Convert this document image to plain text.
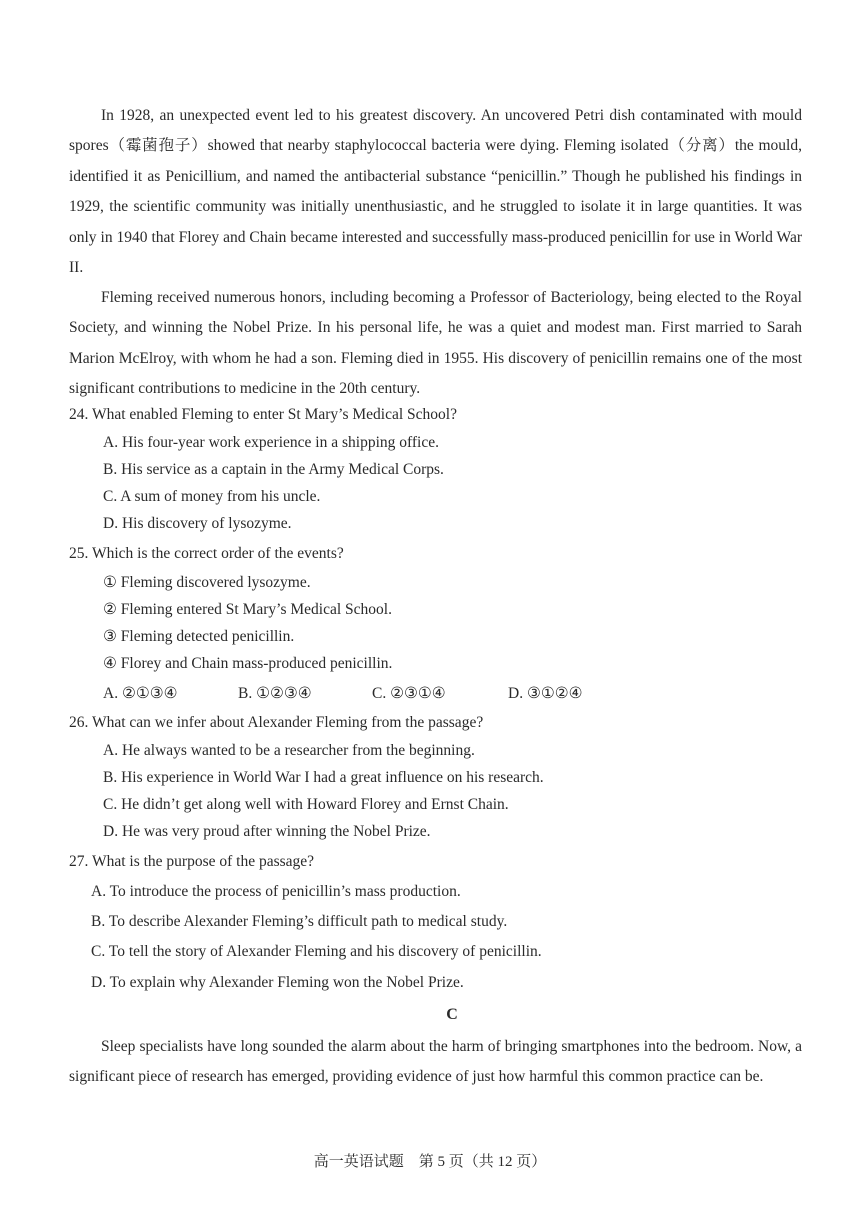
In 1928, an unexpected event led to his greatest discovery. An uncovered Petri dish contaminated with mould spores（霉菌孢子）showed that nearby staphylococcal bacteria were dying. Fleming isolated（分离）the mould, identified it as Penicillium, and named the antibacterial substance “penicillin.” Though he published his findings in 1929, the scientific community was initially unenthusiastic, and he struggled to isolate it in large quantities. It was only in 1940 that Florey and Chain became interested and successfully mass-produced penicillin for use in World War II.

Fleming received numerous honors, including becoming a Professor of Bacteriology, being elected to the Royal Society, and winning the Nobel Prize. In his personal life, he was a quiet and modest man. First married to Sarah Marion McElroy, with whom he had a son. Fleming died in 1955. His discovery of penicillin remains one of the most significant contributions to medicine in the 20th century.

24. What enabled Fleming to enter St Mary’s Medical School?

A. His four-year work experience in a shipping office.

B. His service as a captain in the Army Medical Corps.

C. A sum of money from his uncle.

D. His discovery of lysozyme.

25. Which is the correct order of the events?

① Fleming discovered lysozyme.

② Fleming entered St Mary’s Medical School.

③ Fleming detected penicillin.

④ Florey and Chain mass-produced penicillin.

A. ②①③④	B. ①②③④	C. ②③①④	D. ③①②④

26. What can we infer about Alexander Fleming from the passage?

A. He always wanted to be a researcher from the beginning.

B. His experience in World War I had a great influence on his research.

C. He didn’t get along well with Howard Florey and Ernst Chain.

D. He was very proud after winning the Nobel Prize.

27. What is the purpose of the passage?

A. To introduce the process of penicillin’s mass production.

B. To describe Alexander Fleming’s difficult path to medical study.

C. To tell the story of Alexander Fleming and his discovery of penicillin.

D. To explain why Alexander Fleming won the Nobel Prize.

C

Sleep specialists have long sounded the alarm about the harm of bringing smartphones into the bedroom. Now, a significant piece of research has emerged, providing evidence of just how harmful this common practice can be.

高一英语试题　第 5 页（共 12 页）
